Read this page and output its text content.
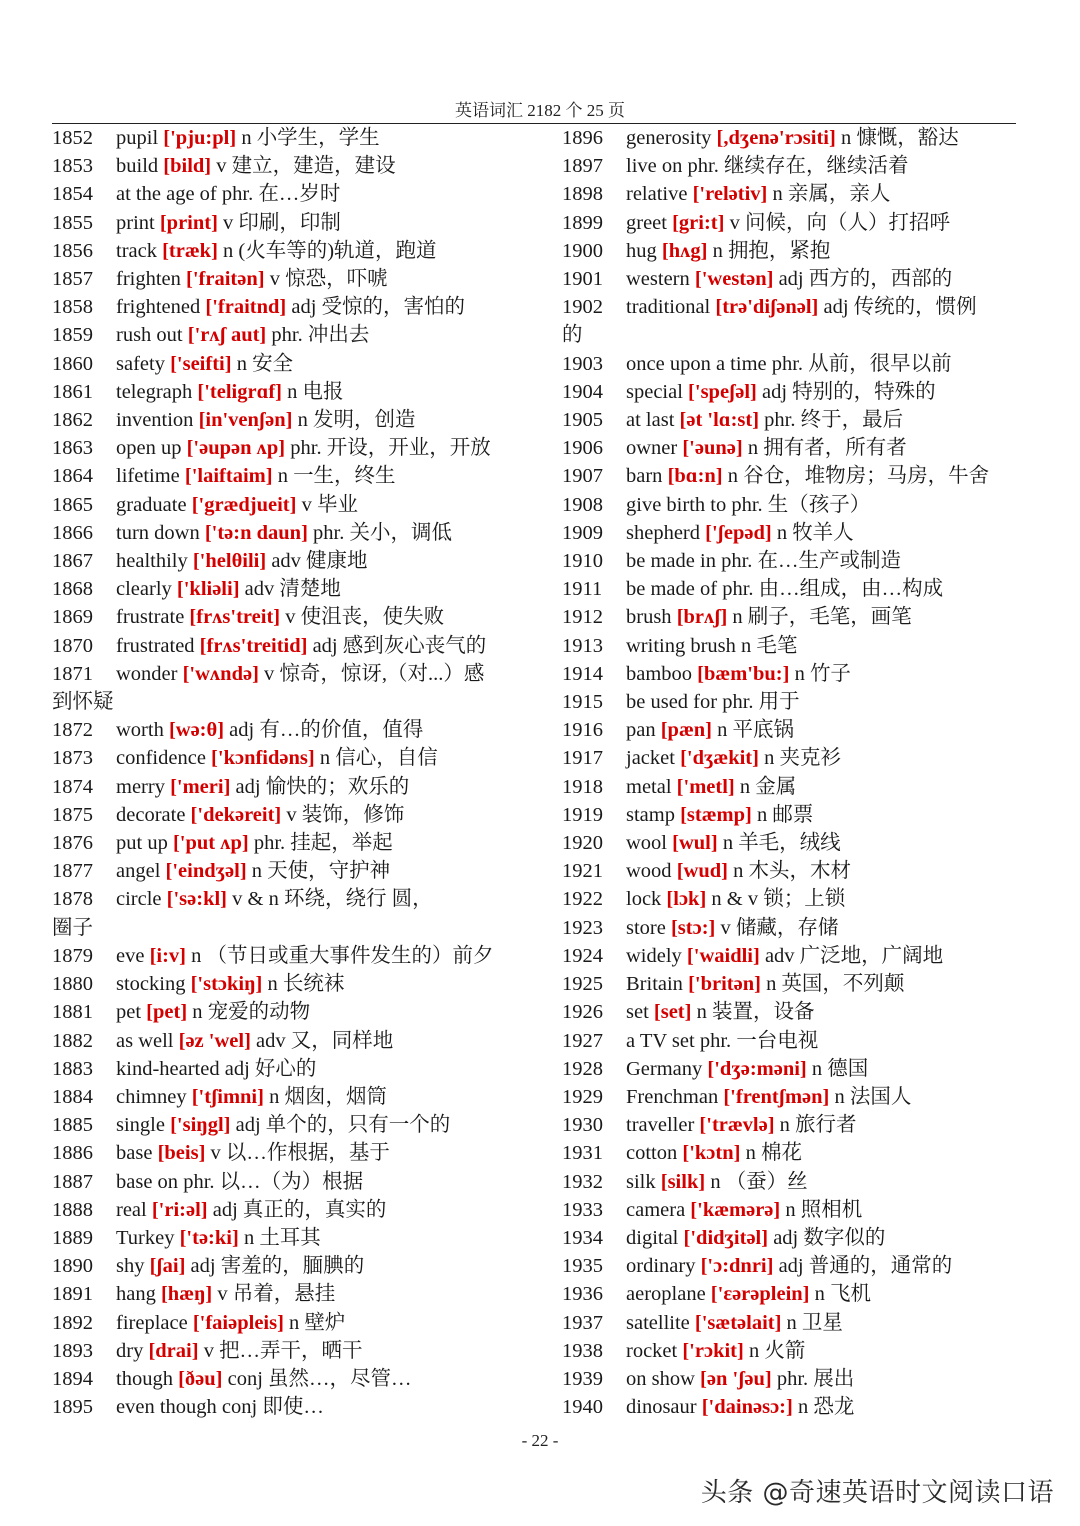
英语词汇 2182 个 25 页
1852 pupil ['pju:pl] n 小学生，学生
1853 build [bild] v 建立，建造，建设
1854 at the age of phr. 在…岁时
1855 print [print] v 印刷，印制
1856 track [træk] n (火车等的)轨道，跑道
1857 frighten ['fraitən] v 惊恐，吓唬
1858 frightened ['fraitnd] adj 受惊的，害怕的
1859 rush out ['rʌʃ aut] phr. 冲出去
1860 safety ['seifti] n 安全
1861 telegraph ['teligrɑf] n 电报
1862 invention [in'venʃən] n 发明，创造
1863 open up ['əupən ʌp] phr. 开设，开业，开放
1864 lifetime ['laiftaim] n 一生，终生
1865 graduate ['grædjueit] v 毕业
1866 turn down ['tə:n daun] phr. 关小，调低
1867 healthily ['helθili] adv 健康地
1868 clearly ['kliəli] adv 清楚地
1869 frustrate [frʌs'treit] v 使沮丧，使失败
1870 frustrated [frʌs'treitid] adj 感到灰心丧气的
1871 wonder ['wʌndə] v 惊奇，惊讶,（对...）感
到怀疑
1872 worth [wə:θ] adj 有…的价值，值得
1873 confidence ['kɔnfidəns] n 信心，自信
1874 merry ['meri] adj 愉快的；欢乐的
1875 decorate ['dekəreit] v 装饰，修饰
1876 put up ['put ʌp] phr. 挂起，举起
1877 angel ['eindʒəl] n 天使，守护神
1878 circle ['sə:kl] v & n 环绕，绕行 圆，
圈子
1879 eve [i:v] n （节日或重大事件发生的）前夕
1880 stocking ['stɔkiŋ] n 长统袜
1881 pet [pet] n 宠爱的动物
1882 as well [əz 'wel] adv 又，同样地
1883 kind-hearted adj 好心的
1884 chimney ['tʃimni] n 烟囱，烟筒
1885 single ['siŋgl] adj 单个的，只有一个的
1886 base [beis] v 以…作根据，基于
1887 base on phr. 以…（为）根据
1888 real ['ri:əl] adj 真正的，真实的
1889 Turkey ['tə:ki] n 土耳其
1890 shy [ʃai] adj 害羞的，腼腆的
1891 hang [hæŋ] v 吊着，悬挂
1892 fireplace ['faiəpleis] n 壁炉
1893 dry [drai] v 把…弄干，晒干
1894 though [ðəu] conj 虽然…，尽管…
1895 even though conj 即使…
1896 generosity [,dʒenə'rɔsiti] n 慷慨，豁达
1897 live on phr. 继续存在，继续活着
1898 relative ['relətiv] n 亲属，亲人
1899 greet [gri:t] v 问候，向（人）打招呼
1900 hug [hʌg] n 拥抱，紧抱
1901 western ['westən] adj 西方的，西部的
1902 traditional [trə'diʃənəl] adj 传统的，惯例
的
1903 once upon a time phr. 从前，很早以前
1904 special ['speʃəl] adj 特别的，特殊的
1905 at last [ət 'lɑ:st] phr. 终于，最后
1906 owner ['əunə] n 拥有者，所有者
1907 barn [bɑ:n] n 谷仓，堆物房；马房，牛舍
1908 give birth to phr. 生（孩子）
1909 shepherd ['ʃepəd] n 牧羊人
1910 be made in phr. 在…生产或制造
1911 be made of phr. 由…组成，由…构成
1912 brush [brʌʃ] n 刷子，毛笔，画笔
1913 writing brush n 毛笔
1914 bamboo [bæm'bu:] n 竹子
1915 be used for phr. 用于
1916 pan [pæn] n 平底锅
1917 jacket ['dʒækit] n 夹克衫
1918 metal ['metl] n 金属
1919 stamp [stæmp] n 邮票
1920 wool [wul] n 羊毛，绒线
1921 wood [wud] n 木头，木材
1922 lock [lɔk] n & v 锁；上锁
1923 store [stɔ:] v 储藏，存储
1924 widely ['waidli] adv 广泛地，广阔地
1925 Britain ['britən] n 英国，不列颠
1926 set [set] n 装置，设备
1927 a TV set phr. 一台电视
1928 Germany ['dʒə:məni] n 德国
1929 Frenchman ['frentʃmən] n 法国人
1930 traveller ['trævlə] n 旅行者
1931 cotton ['kɔtn] n 棉花
1932 silk [silk] n （蚕）丝
1933 camera ['kæmərə] n 照相机
1934 digital ['didʒitəl] adj 数字似的
1935 ordinary ['ɔ:dnri] adj 普通的，通常的
1936 aeroplane ['εərəplein] n 飞机
1937 satellite ['sætəlait] n 卫星
1938 rocket ['rɔkit] n 火箭
1939 on show [ən 'ʃəu] phr. 展出
1940 dinosaur ['dainəsɔ:] n 恐龙
- 22 -
头条 @奇速英语时文阅读口语
